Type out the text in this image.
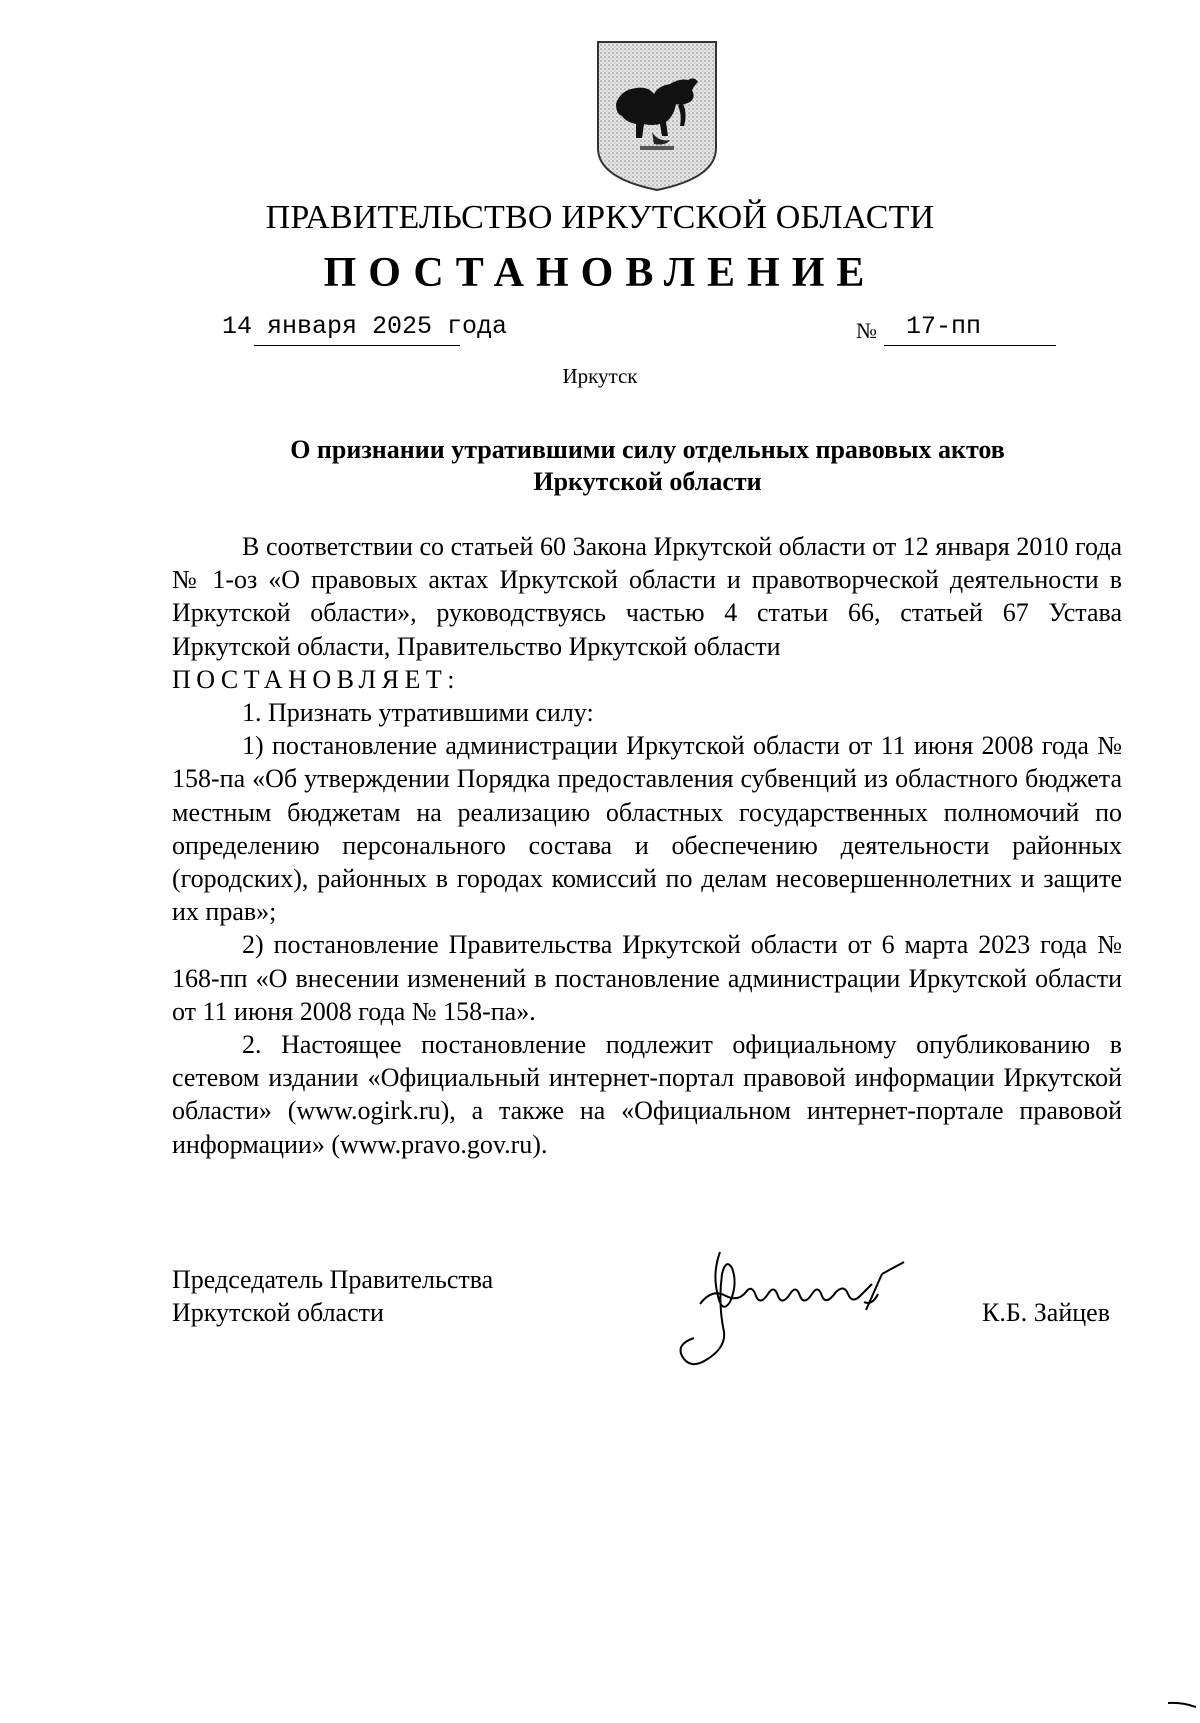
ПРАВИТЕЛЬСТВО ИРКУТСКОЙ ОБЛАСТИ
ПОСТАНОВЛЕНИЕ
14 января 2025 года	№ 17-пп
Иркутск
О признании утратившими силу отдельных правовых актов
Иркутской области

В соответствии со статьей 60 Закона Иркутской области от 12 января 2010 года № 1-оз «О правовых актах Иркутской области и правотворческой деятельности в Иркутской области», руководствуясь частью 4 статьи 66, статьей 67 Устава Иркутской области, Правительство Иркутской области

ПОСТАНОВЛЯЕТ:

1. Признать утратившими силу:

1) постановление администрации Иркутской области от 11 июня 2008 года № 158-па «Об утверждении Порядка предоставления субвенций из областного бюджета местным бюджетам на реализацию областных государственных полномочий по определению персонального состава и обеспечению деятельности районных (городских), районных в городах комиссий по делам несовершеннолетних и защите их прав»;

2) постановление Правительства Иркутской области от 6 марта 2023 года № 168-пп «О внесении изменений в постановление администрации Иркутской области от 11 июня 2008 года № 158-па».

2. Настоящее постановление подлежит официальному опубликованию в сетевом издании «Официальный интернет-портал правовой информации Иркутской области» (www.ogirk.ru), а также на «Официальном интернет-портале правовой информации» (www.pravo.gov.ru).

Председатель Правительства
Иркутской области	К.Б. Зайцев
